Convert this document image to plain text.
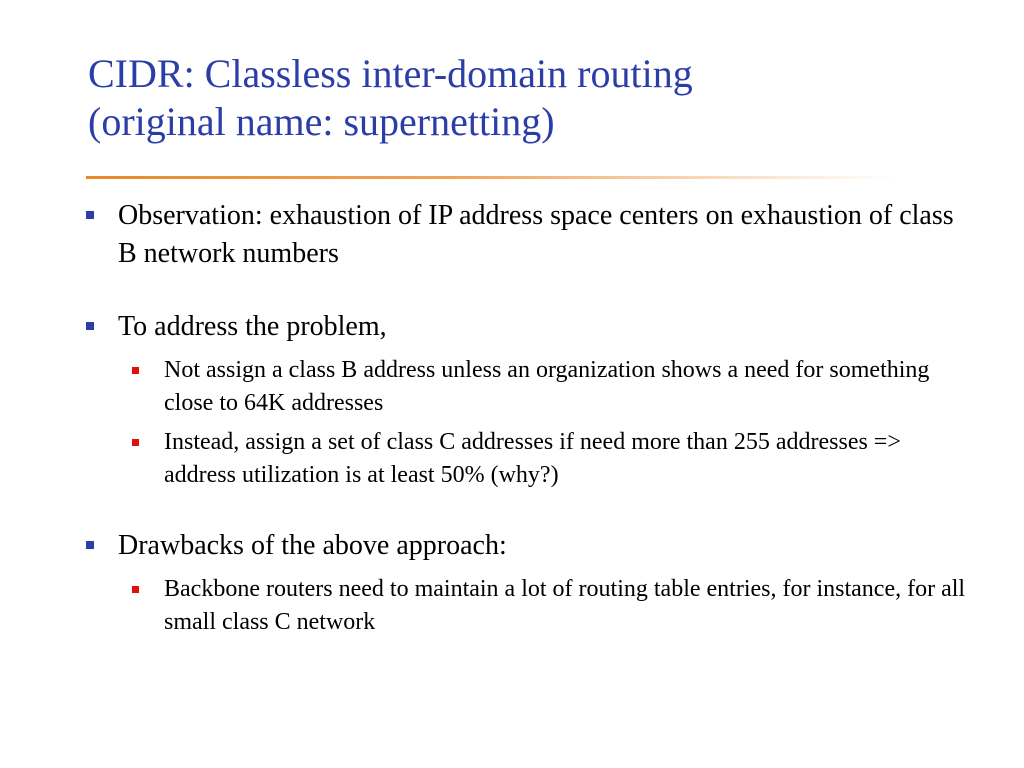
CIDR: Classless inter-domain routing
(original name: supernetting)

Observation: exhaustion of IP address space centers on exhaustion of class B network numbers

To address the problem,

Not assign a class B address unless an organization shows a need for something close to 64K addresses

Instead, assign a set of class C addresses if need more than 255 addresses => address utilization is at least 50% (why?)

Drawbacks of the above approach:

Backbone routers need to maintain a lot of routing table entries, for instance, for all small class C network
